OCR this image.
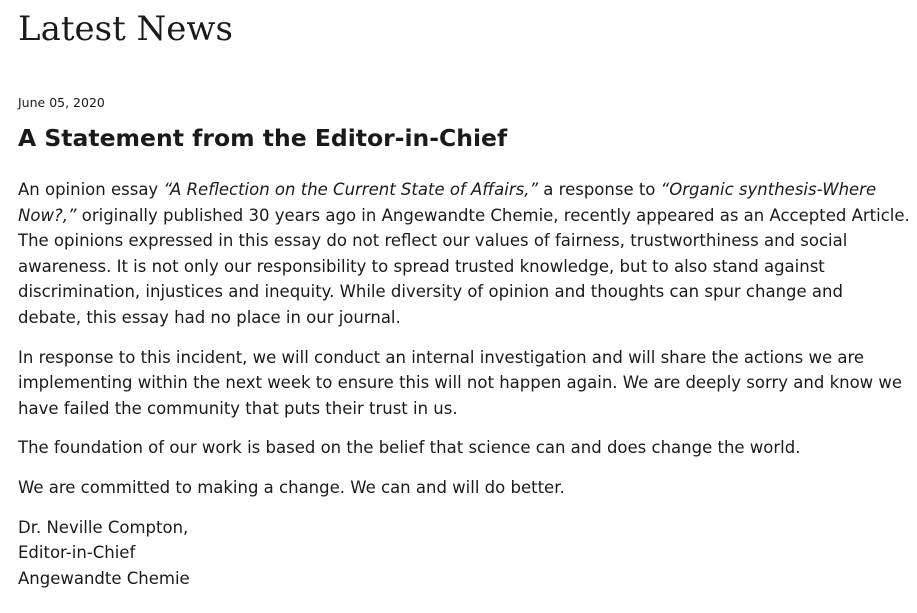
Latest News
June 05, 2020
A Statement from the Editor-in-Chief

An opinion essay “A Reflection on the Current State of Affairs,” a response to “Organic synthesis-Where Now?,” originally published 30 years ago in Angewandte Chemie, recently appeared as an Accepted Article. The opinions expressed in this essay do not reflect our values of fairness, trustworthiness and social awareness. It is not only our responsibility to spread trusted knowledge, but to also stand against discrimination, injustices and inequity. While diversity of opinion and thoughts can spur change and debate, this essay had no place in our journal.

In response to this incident, we will conduct an internal investigation and will share the actions we are implementing within the next week to ensure this will not happen again. We are deeply sorry and know we have failed the community that puts their trust in us.

The foundation of our work is based on the belief that science can and does change the world.

We are committed to making a change. We can and will do better.

Dr. Neville Compton,
Editor-in-Chief
Angewandte Chemie
